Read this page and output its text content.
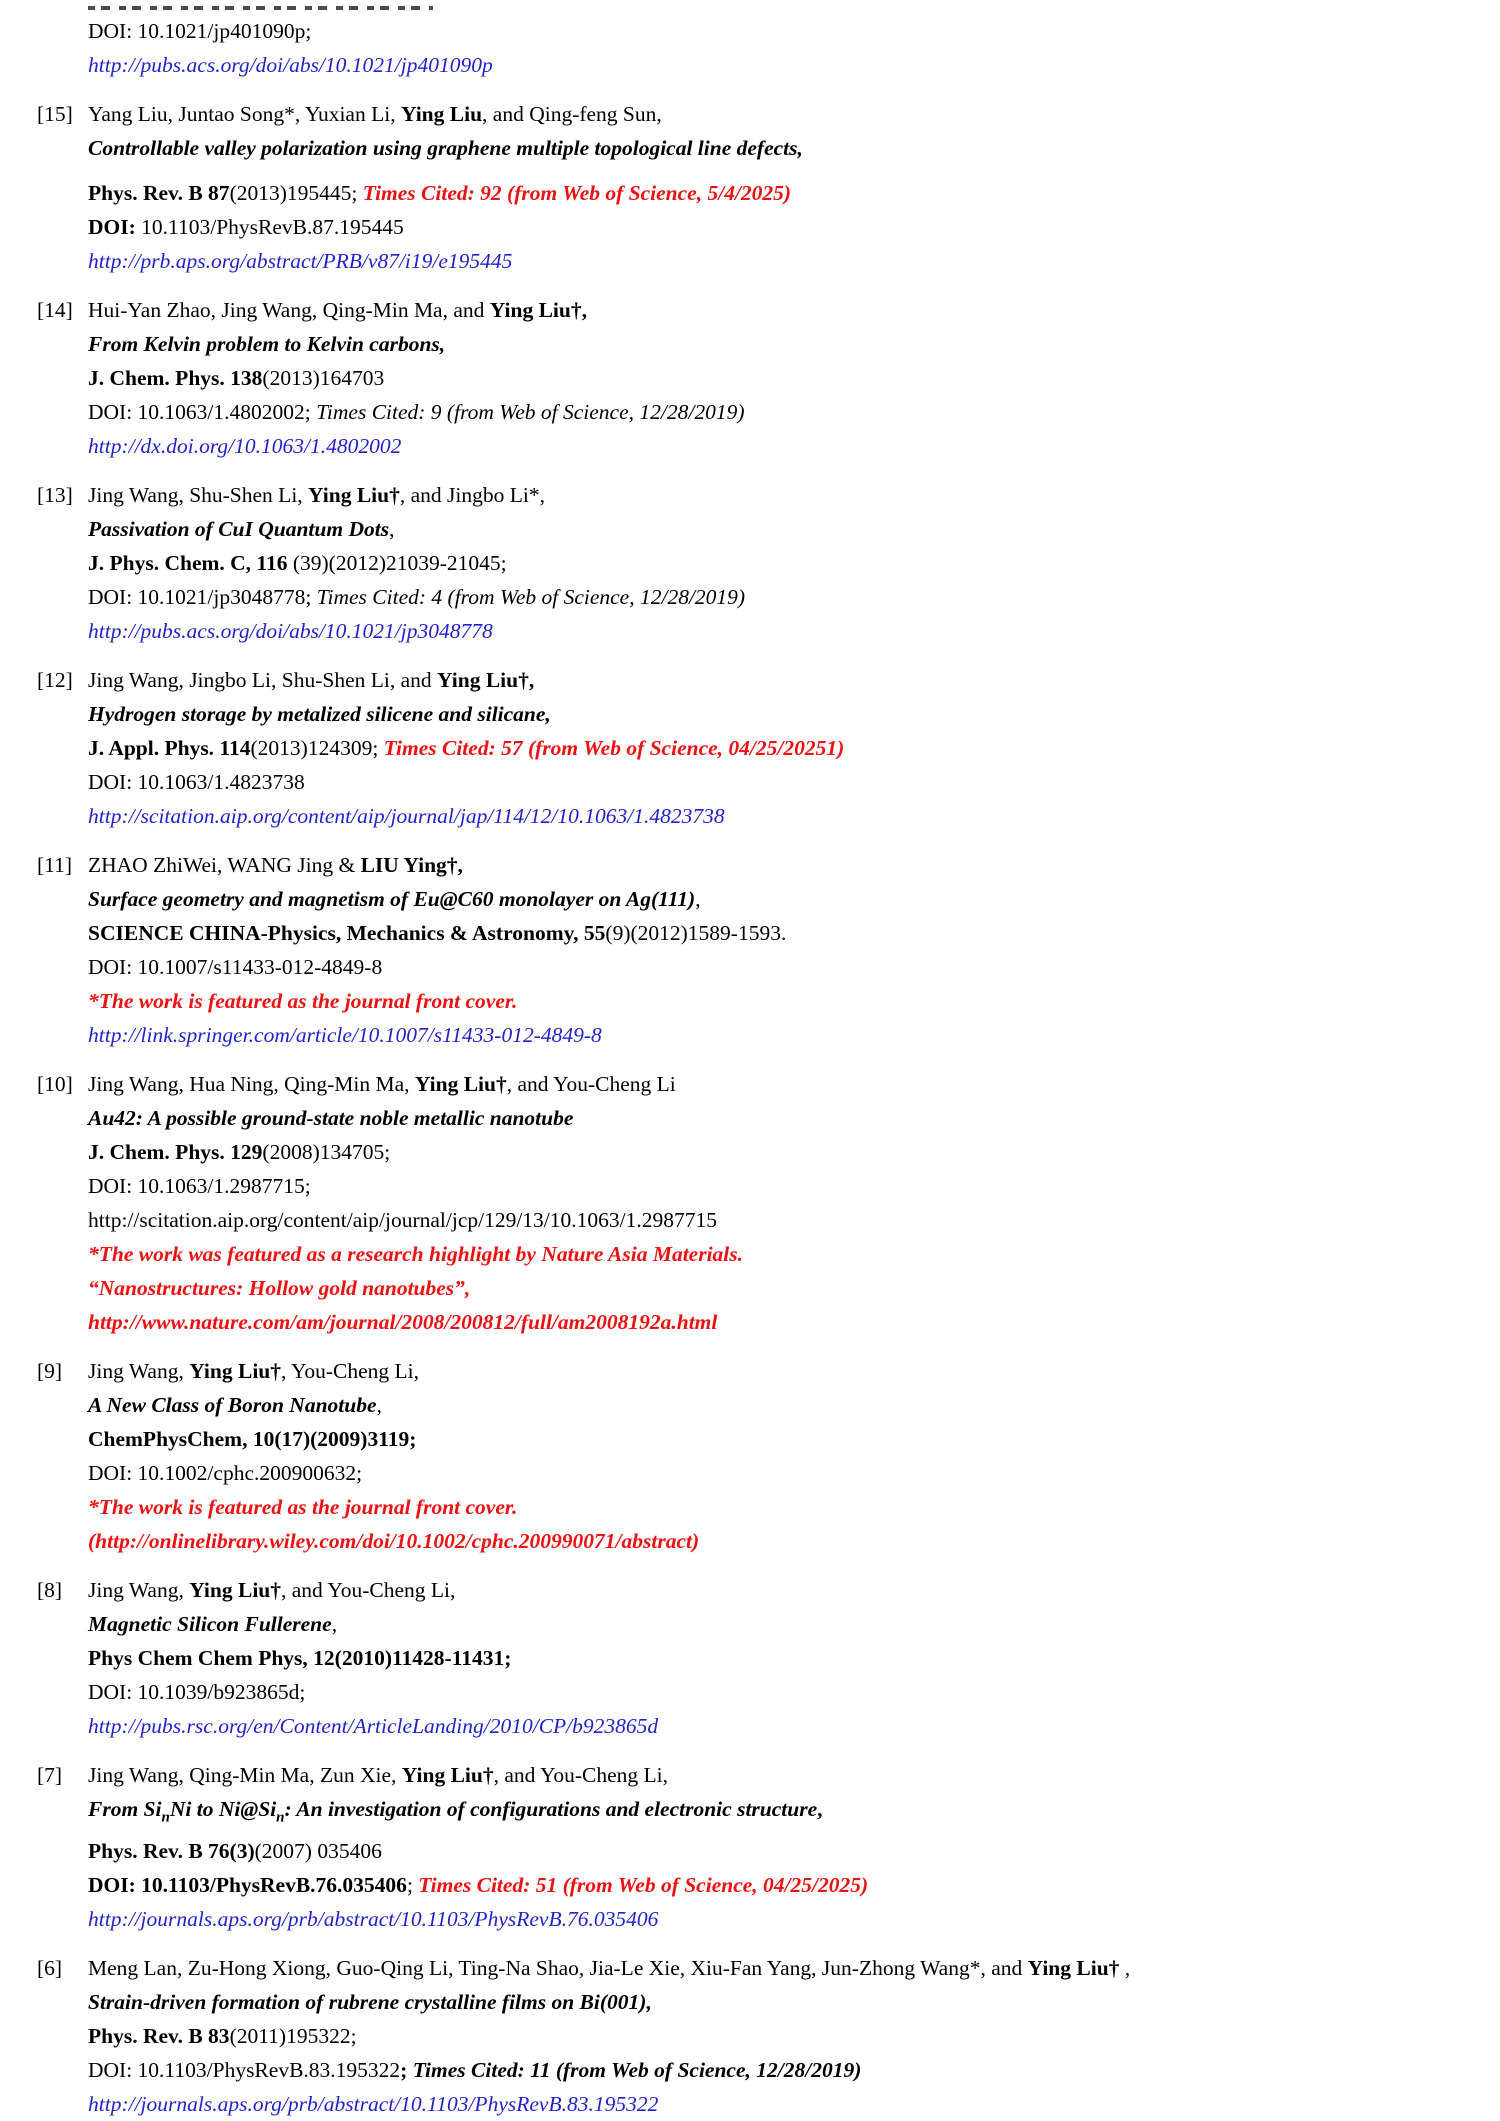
DOI: 10.1021/jp401090p;
http://pubs.acs.org/doi/abs/10.1021/jp401090p
[15] Yang Liu, Juntao Song*, Yuxian Li, Ying Liu, and Qing-feng Sun,
Controllable valley polarization using graphene multiple topological line defects,
Phys. Rev. B 87(2013)195445; Times Cited: 92 (from Web of Science, 5/4/2025)
DOI: 10.1103/PhysRevB.87.195445
http://prb.aps.org/abstract/PRB/v87/i19/e195445
[14] Hui-Yan Zhao, Jing Wang, Qing-Min Ma, and Ying Liu†,
From Kelvin problem to Kelvin carbons,
J. Chem. Phys. 138(2013)164703
DOI: 10.1063/1.4802002; Times Cited: 9 (from Web of Science, 12/28/2019)
http://dx.doi.org/10.1063/1.4802002
[13] Jing Wang, Shu-Shen Li, Ying Liu†, and Jingbo Li*,
Passivation of CuI Quantum Dots,
J. Phys. Chem. C, 116 (39)(2012)21039-21045;
DOI: 10.1021/jp3048778; Times Cited: 4 (from Web of Science, 12/28/2019)
http://pubs.acs.org/doi/abs/10.1021/jp3048778
[12] Jing Wang, Jingbo Li, Shu-Shen Li, and Ying Liu†,
Hydrogen storage by metalized silicene and silicane,
J. Appl. Phys. 114(2013)124309; Times Cited: 57 (from Web of Science, 04/25/20251)
DOI: 10.1063/1.4823738
http://scitation.aip.org/content/aip/journal/jap/114/12/10.1063/1.4823738
[11] ZHAO ZhiWei, WANG Jing & LIU Ying†,
Surface geometry and magnetism of Eu@C60 monolayer on Ag(111),
SCIENCE CHINA-Physics, Mechanics & Astronomy, 55(9)(2012)1589-1593.
DOI: 10.1007/s11433-012-4849-8
*The work is featured as the journal front cover.
http://link.springer.com/article/10.1007/s11433-012-4849-8
[10] Jing Wang, Hua Ning, Qing-Min Ma, Ying Liu†, and You-Cheng Li
Au42: A possible ground-state noble metallic nanotube
J. Chem. Phys. 129(2008)134705;
DOI: 10.1063/1.2987715;
http://scitation.aip.org/content/aip/journal/jcp/129/13/10.1063/1.2987715
*The work was featured as a research highlight by Nature Asia Materials.
“Nanostructures: Hollow gold nanotubes”,
http://www.nature.com/am/journal/2008/200812/full/am2008192a.html
[9]	Jing Wang, Ying Liu†, You-Cheng Li,
A New Class of Boron Nanotube,
ChemPhysChem, 10(17)(2009)3119;
DOI: 10.1002/cphc.200900632;
*The work is featured as the journal front cover.
(http://onlinelibrary.wiley.com/doi/10.1002/cphc.200990071/abstract)
[8]	Jing Wang, Ying Liu†, and You-Cheng Li,
Magnetic Silicon Fullerene,
Phys Chem Chem Phys, 12(2010)11428-11431;
DOI: 10.1039/b923865d;
http://pubs.rsc.org/en/Content/ArticleLanding/2010/CP/b923865d
[7]	Jing Wang, Qing-Min Ma, Zun Xie, Ying Liu†, and You-Cheng Li,
From $Si_nNi$ to $Ni@Si_n$: An investigation of configurations and electronic structure,
Phys. Rev. B 76(3)(2007) 035406
DOI: 10.1103/PhysRevB.76.035406; Times Cited: 51 (from Web of Science, 04/25/2025)
http://journals.aps.org/prb/abstract/10.1103/PhysRevB.76.035406
[6]	Meng Lan, Zu-Hong Xiong, Guo-Qing Li, Ting-Na Shao, Jia-Le Xie, Xiu-Fan Yang, Jun-Zhong Wang*, and Ying Liu† ,
Strain-driven formation of rubrene crystalline films on Bi(001),
Phys. Rev. B 83(2011)195322;
DOI: 10.1103/PhysRevB.83.195322; Times Cited: 11 (from Web of Science, 12/28/2019)
http://journals.aps.org/prb/abstract/10.1103/PhysRevB.83.195322
